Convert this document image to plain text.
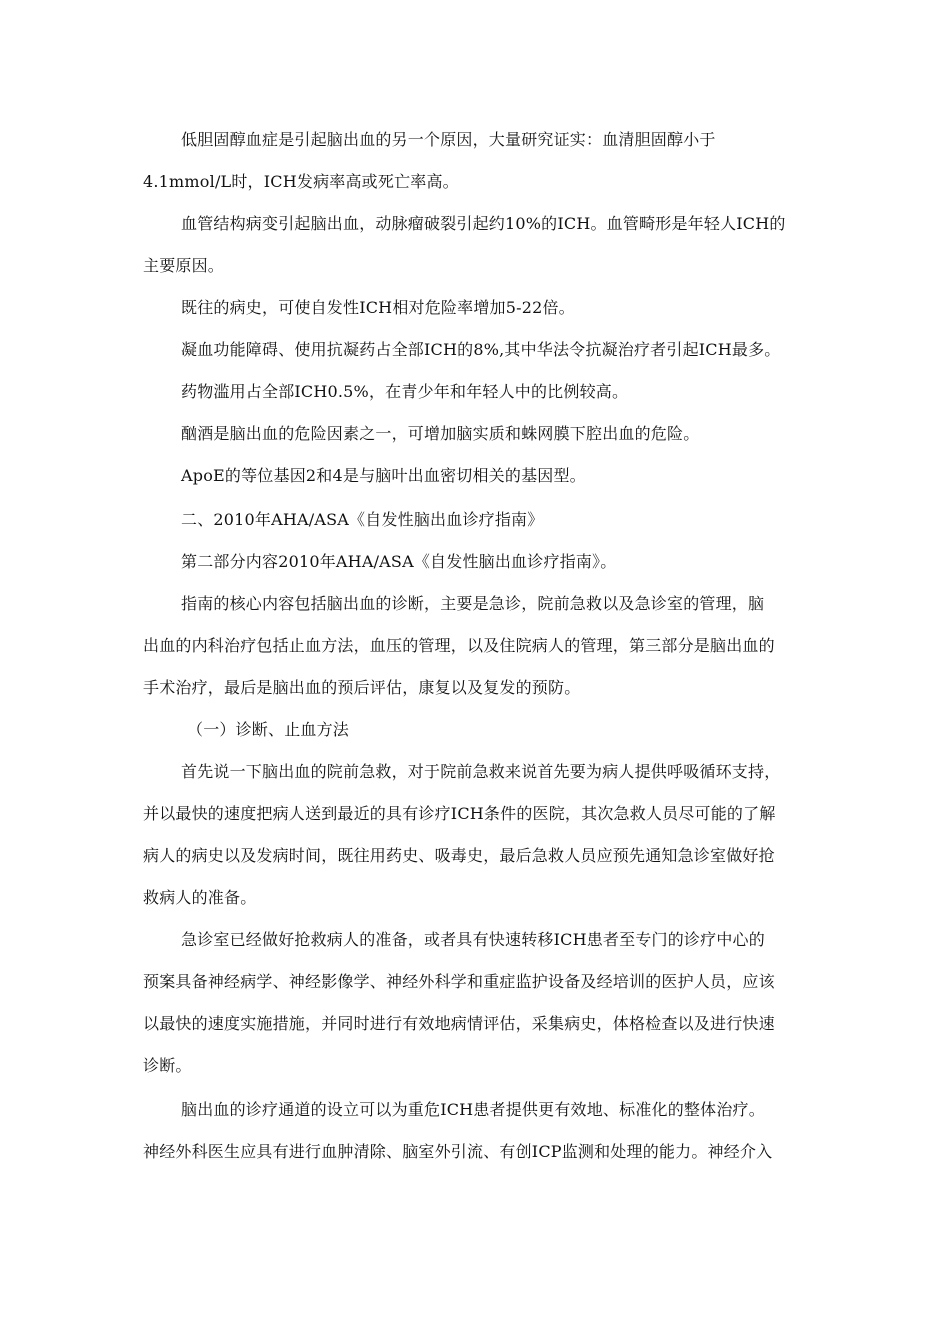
低胆固醇血症是引起脑出血的另一个原因，大量研究证实：血清胆固醇小于
4.1mmol/L时，ICH发病率高或死亡率高。
血管结构病变引起脑出血，动脉瘤破裂引起约10%的ICH。血管畸形是年轻人ICH的
主要原因。
既往的病史，可使自发性ICH相对危险率增加5-22倍。
凝血功能障碍、使用抗凝药占全部ICH的8%,其中华法令抗凝治疗者引起ICH最多。
药物滥用占全部ICH0.5%，在青少年和年轻人中的比例较高。
酗酒是脑出血的危险因素之一，可增加脑实质和蛛网膜下腔出血的危险。
ApoE的等位基因2和4是与脑叶出血密切相关的基因型。
二、2010年AHA/ASA《自发性脑出血诊疗指南》
第二部分内容2010年AHA/ASA《自发性脑出血诊疗指南》。
指南的核心内容包括脑出血的诊断，主要是急诊，院前急救以及急诊室的管理，脑
出血的内科治疗包括止血方法，血压的管理，以及住院病人的管理，第三部分是脑出血的
手术治疗，最后是脑出血的预后评估，康复以及复发的预防。
（一）诊断、止血方法
首先说一下脑出血的院前急救，对于院前急救来说首先要为病人提供呼吸循环支持，
并以最快的速度把病人送到最近的具有诊疗ICH条件的医院，其次急救人员尽可能的了解
病人的病史以及发病时间，既往用药史、吸毒史，最后急救人员应预先通知急诊室做好抢
救病人的准备。
急诊室已经做好抢救病人的准备，或者具有快速转移ICH患者至专门的诊疗中心的
预案具备神经病学、神经影像学、神经外科学和重症监护设备及经培训的医护人员，应该
以最快的速度实施措施，并同时进行有效地病情评估，采集病史，体格检查以及进行快速
诊断。
脑出血的诊疗通道的设立可以为重危ICH患者提供更有效地、标准化的整体治疗。
神经外科医生应具有进行血肿清除、脑室外引流、有创ICP监测和处理的能力。神经介入
